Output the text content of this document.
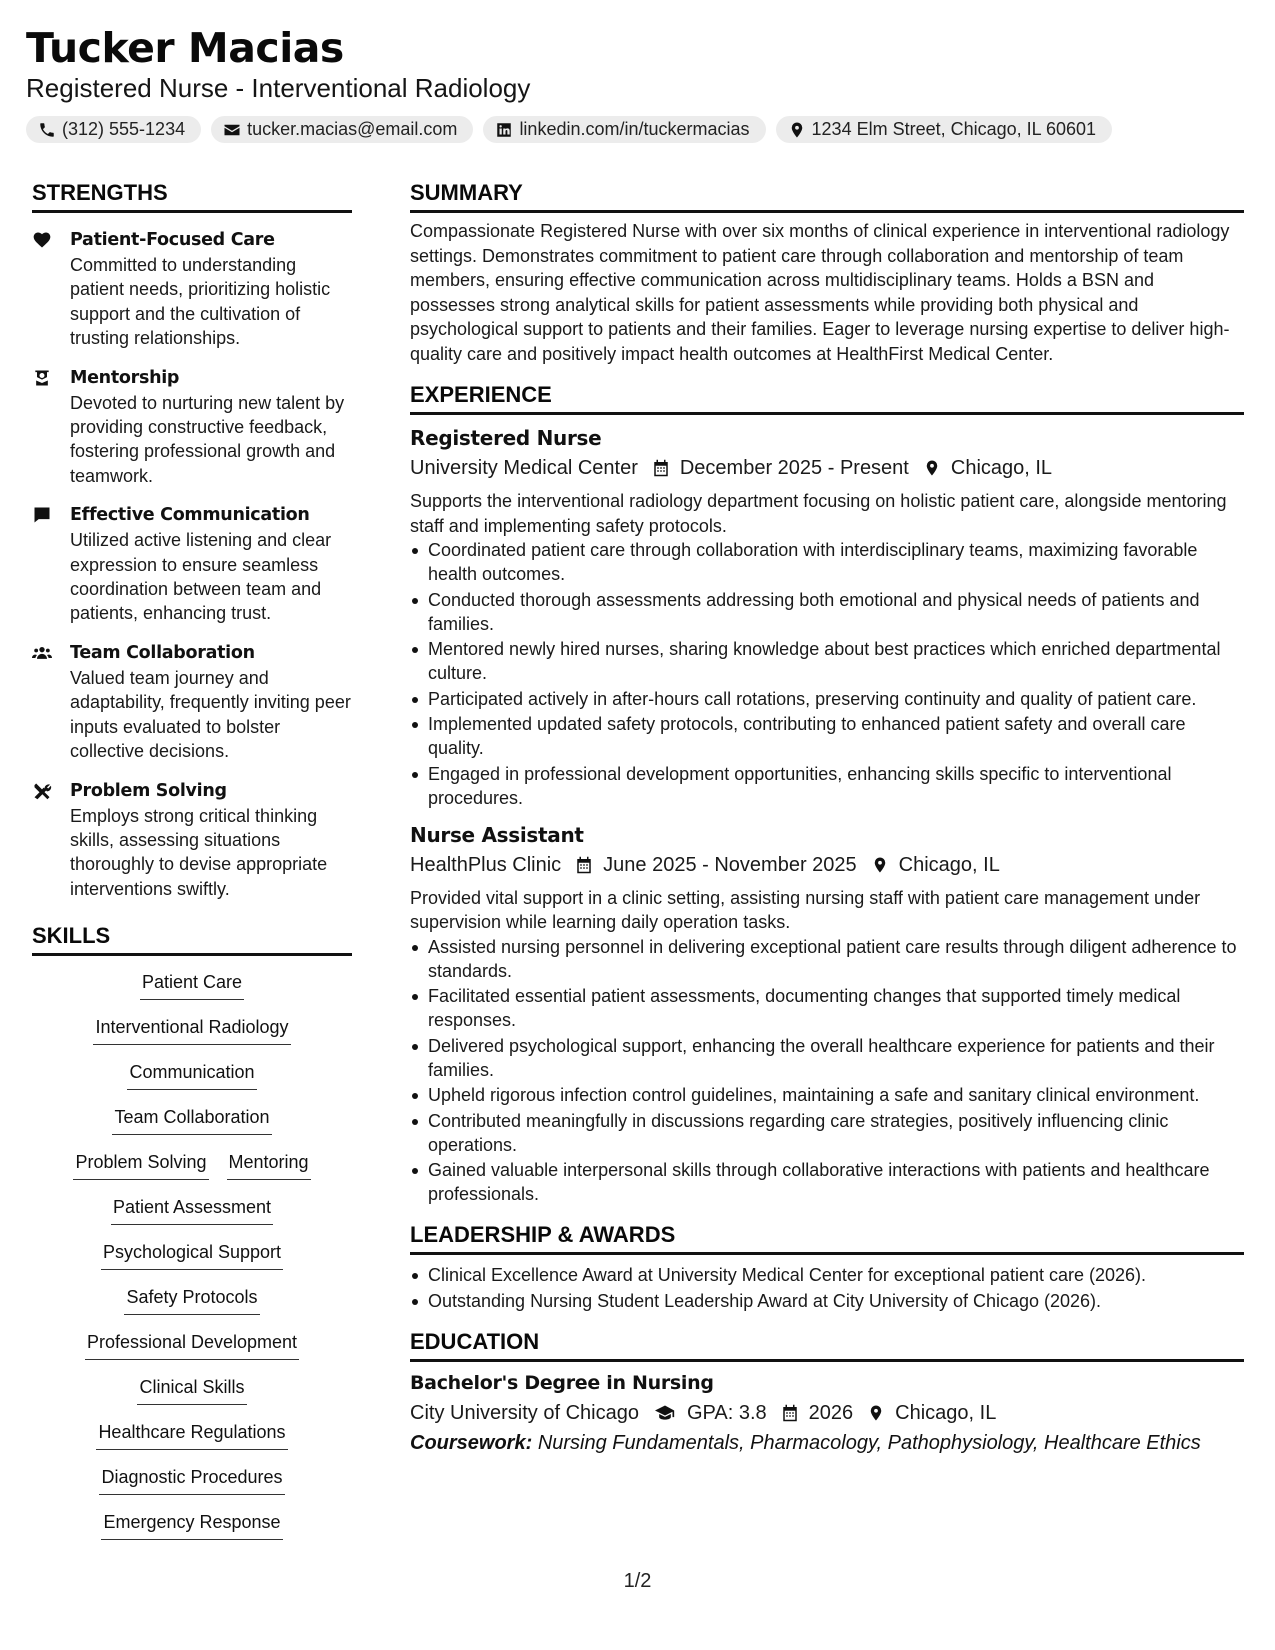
Tucker Macias
Registered Nurse - Interventional Radiology
(312) 555-1234	tucker.macias@email.com	linkedin.com/in/tuckermacias	1234 Elm Street, Chicago, IL 60601
STRENGTHS
Patient-Focused Care
Committed to understanding patient needs, prioritizing holistic support and the cultivation of trusting relationships.
Mentorship
Devoted to nurturing new talent by providing constructive feedback, fostering professional growth and teamwork.
Effective Communication
Utilized active listening and clear expression to ensure seamless coordination between team and patients, enhancing trust.
Team Collaboration
Valued team journey and adaptability, frequently inviting peer inputs evaluated to bolster collective decisions.
Problem Solving
Employs strong critical thinking skills, assessing situations thoroughly to devise appropriate interventions swiftly.
SKILLS
Patient Care
Interventional Radiology
Communication
Team Collaboration
Problem Solving Mentoring
Patient Assessment
Psychological Support
Safety Protocols
Professional Development
Clinical Skills
Healthcare Regulations
Diagnostic Procedures
Emergency Response
SUMMARY
Compassionate Registered Nurse with over six months of clinical experience in interventional radiology settings. Demonstrates commitment to patient care through collaboration and mentorship of team members, ensuring effective communication across multidisciplinary teams. Holds a BSN and possesses strong analytical skills for patient assessments while providing both physical and psychological support to patients and their families. Eager to leverage nursing expertise to deliver high-quality care and positively impact health outcomes at HealthFirst Medical Center.
EXPERIENCE
Registered Nurse
University Medical Center December 2025 - Present Chicago, IL
Supports the interventional radiology department focusing on holistic patient care, alongside mentoring staff and implementing safety protocols.
Coordinated patient care through collaboration with interdisciplinary teams, maximizing favorable health outcomes.
Conducted thorough assessments addressing both emotional and physical needs of patients and families.
Mentored newly hired nurses, sharing knowledge about best practices which enriched departmental culture.
Participated actively in after-hours call rotations, preserving continuity and quality of patient care.
Implemented updated safety protocols, contributing to enhanced patient safety and overall care quality.
Engaged in professional development opportunities, enhancing skills specific to interventional procedures.
Nurse Assistant
HealthPlus Clinic June 2025 - November 2025 Chicago, IL
Provided vital support in a clinic setting, assisting nursing staff with patient care management under supervision while learning daily operation tasks.
Assisted nursing personnel in delivering exceptional patient care results through diligent adherence to standards.
Facilitated essential patient assessments, documenting changes that supported timely medical responses.
Delivered psychological support, enhancing the overall healthcare experience for patients and their families.
Upheld rigorous infection control guidelines, maintaining a safe and sanitary clinical environment.
Contributed meaningfully in discussions regarding care strategies, positively influencing clinic operations.
Gained valuable interpersonal skills through collaborative interactions with patients and healthcare professionals.
LEADERSHIP & AWARDS
Clinical Excellence Award at University Medical Center for exceptional patient care (2026).
Outstanding Nursing Student Leadership Award at City University of Chicago (2026).
EDUCATION
Bachelor's Degree in Nursing
City University of Chicago GPA: 3.8 2026 Chicago, IL
Coursework: Nursing Fundamentals, Pharmacology, Pathophysiology, Healthcare Ethics
1/2
